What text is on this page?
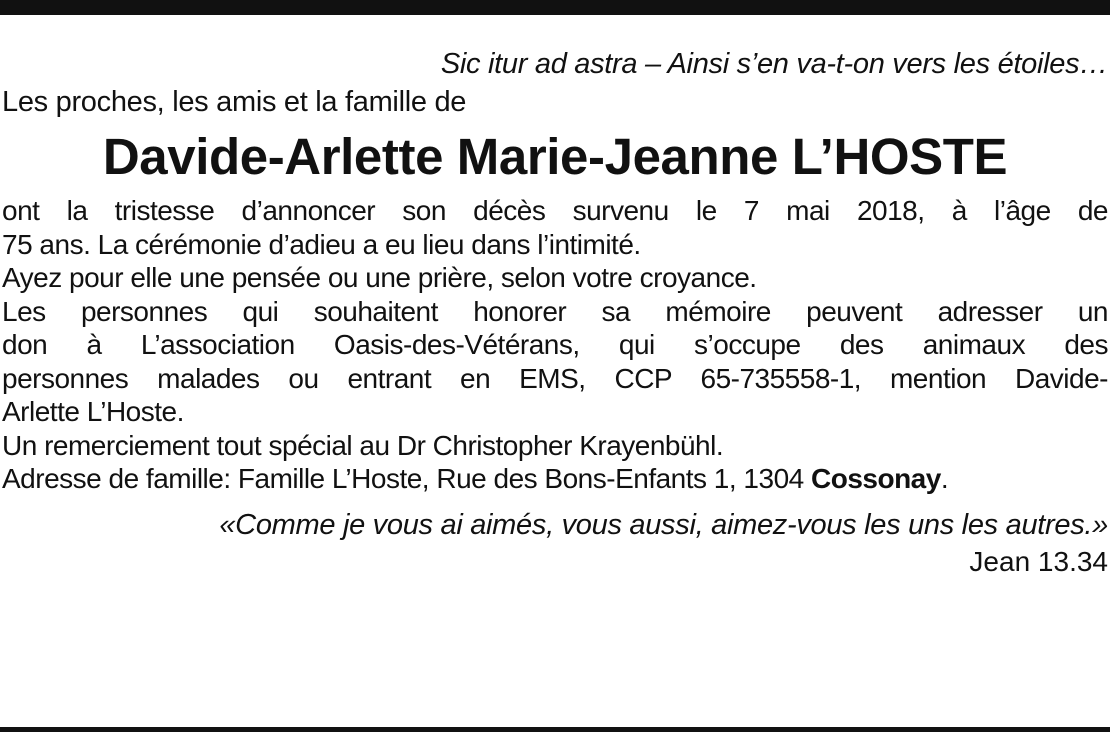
Sic itur ad astra – Ainsi s’en va-t-on vers les étoiles…
Les proches, les amis et la famille de
Davide-Arlette Marie-Jeanne L’HOSTE

ont la tristesse d’annoncer son décès survenu le 7 mai 2018, à l’âge de

75 ans. La cérémonie d’adieu a eu lieu dans l’intimité.

Ayez pour elle une pensée ou une prière, selon votre croyance.

Les personnes qui souhaitent honorer sa mémoire peuvent adresser un

don à L’association Oasis-des-Vétérans, qui s’occupe des animaux des

personnes malades ou entrant en EMS, CCP 65-735558-1, mention Davide-

Arlette L’Hoste.

Un remerciement tout spécial au Dr Christopher Krayenbühl.

Adresse de famille: Famille L’Hoste, Rue des Bons-Enfants 1, 1304 Cossonay.

«Comme je vous ai aimés, vous aussi, aimez-vous les uns les autres.»
Jean 13.34
